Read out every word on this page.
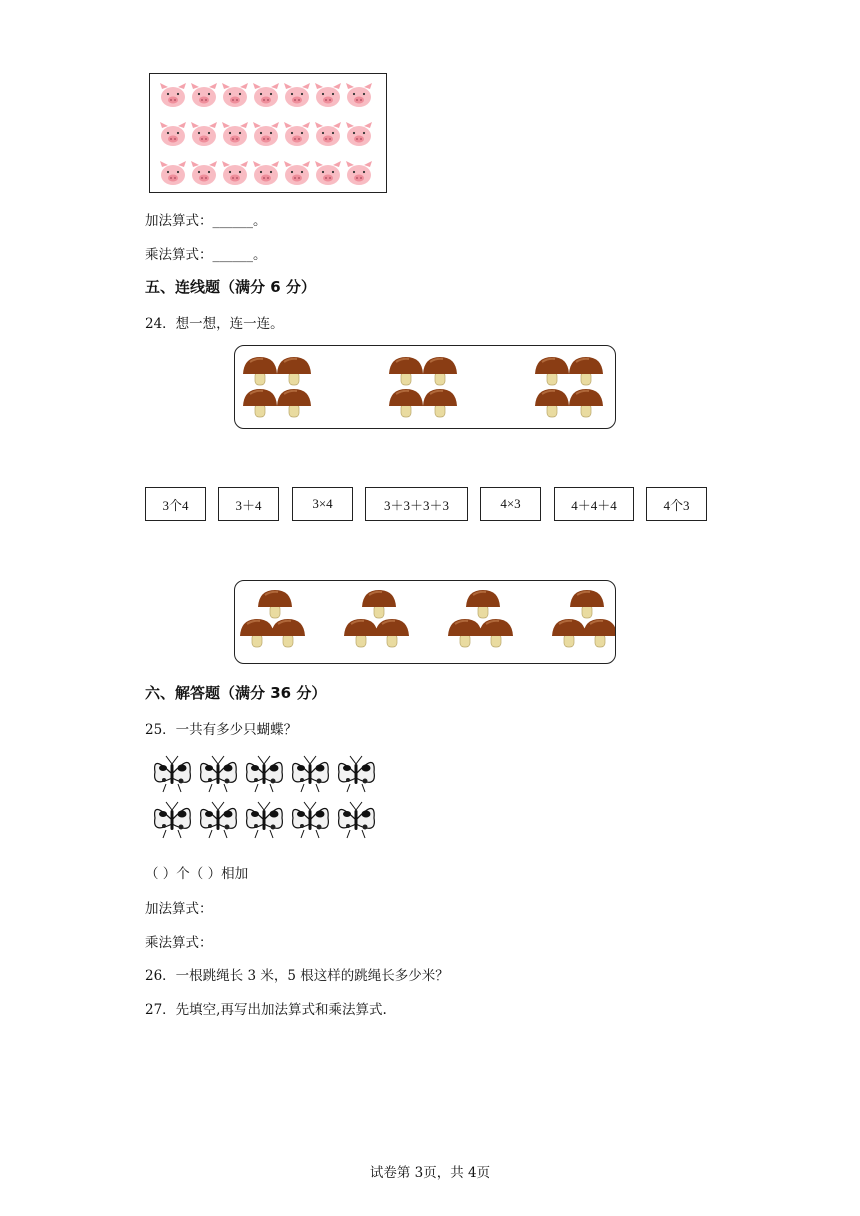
加法算式：______。
乘法算式：______。
五、连线题（满分 6 分）
24．想一想，连一连。
3个4	3＋4	3×4	3＋3＋3＋3	4×3	4＋4＋4	4个3
六、解答题（满分 36 分）
25．一共有多少只蝴蝶？
（ ）个（ ）相加
加法算式：
乘法算式：
26．一根跳绳长 3 米，5 根这样的跳绳长多少米？
27．先填空,再写出加法算式和乘法算式.
试卷第 3页，共 4页
